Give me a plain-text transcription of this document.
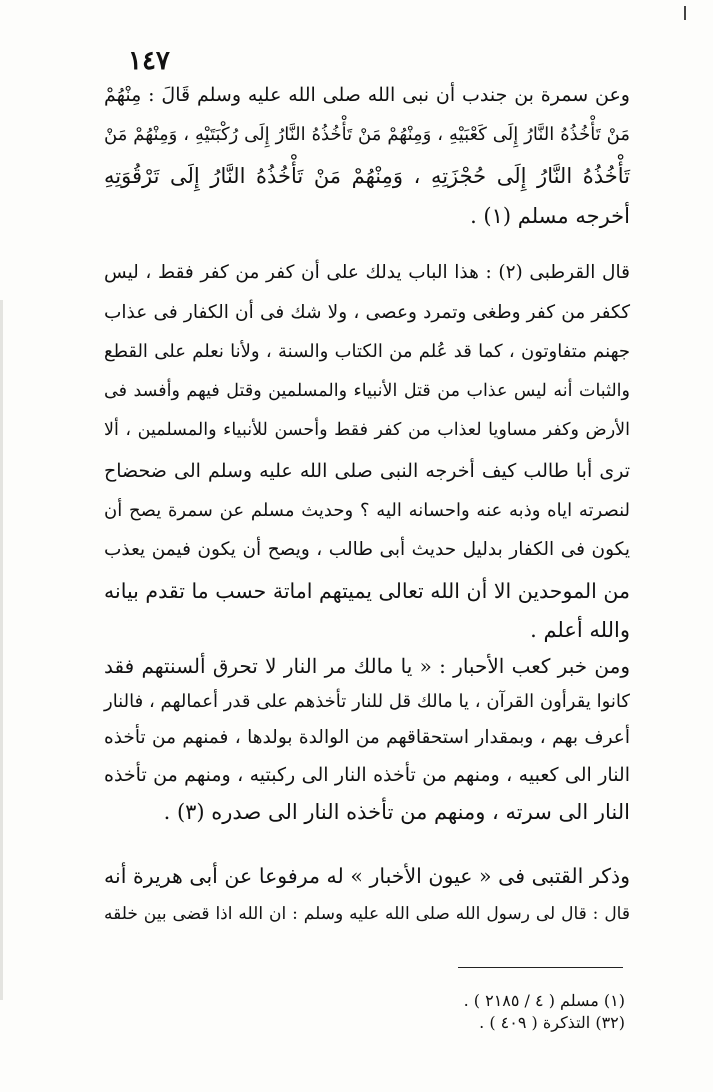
١٤٧
وعن سمرة بن جندب أن نبى الله صلى الله عليه وسلم قَالَ : مِنْهُمْ
مَنْ تَأْخُذُهُ النَّارُ إِلَى كَعْبَيْهِ ، وَمِنْهُمْ مَنْ تَأْخُذُهُ النَّارُ إِلَى رُكْبَتَيْهِ ، وَمِنْهُمْ مَنْ
تَأْخُذُهُ النَّارُ إِلَى حُجْزَتِهِ ، وَمِنْهُمْ مَنْ تَأْخُذُهُ النَّارُ إِلَى تَرْقُوَتِهِ
أخرجه مسلم (١) .
قال القرطبى (٢) : هذا الباب يدلك على أن كفر من كفر فقط ، ليس
ككفر من كفر وطغى وتمرد وعصى ، ولا شك فى أن الكفار فى عذاب
جهنم متفاوتون ، كما قد عُلم من الكتاب والسنة ، ولأنا نعلم على القطع
والثبات أنه ليس عذاب من قتل الأنبياء والمسلمين وقتل فيهم وأفسد فى
الأرض وكفر مساويا لعذاب من كفر فقط وأحسن للأنبياء والمسلمين ، ألا
ترى أبا طالب كيف أخرجه النبى صلى الله عليه وسلم الى ضحضاح
لنصرته اياه وذبه عنه واحسانه اليه ؟ وحديث مسلم عن سمرة يصح أن
يكون فى الكفار بدليل حديث أبى طالب ، ويصح أن يكون فيمن يعذب
من الموحدين الا أن الله تعالى يميتهم اماتة حسب ما تقدم بيانه
والله أعلم .
ومن خبر كعب الأحبار : « يا مالك مر النار لا تحرق ألسنتهم فقد
كانوا يقرأون القرآن ، يا مالك قل للنار تأخذهم على قدر أعمالهم ، فالنار
أعرف بهم ، وبمقدار استحقاقهم من الوالدة بولدها ، فمنهم من تأخذه
النار الى كعبيه ، ومنهم من تأخذه النار الى ركبتيه ، ومنهم من تأخذه
النار الى سرته ، ومنهم من تأخذه النار الى صدره (٣) .
وذكر القتبى فى « عيون الأخبار » له مرفوعا عن أبى هريرة أنه
قال : قال لى رسول الله صلى الله عليه وسلم : ان الله اذا قضى بين خلقه
(١) مسلم ( ٤ / ٢١٨٥ ) .
(٣٢) التذكرة ( ٤٠٩ ) .
